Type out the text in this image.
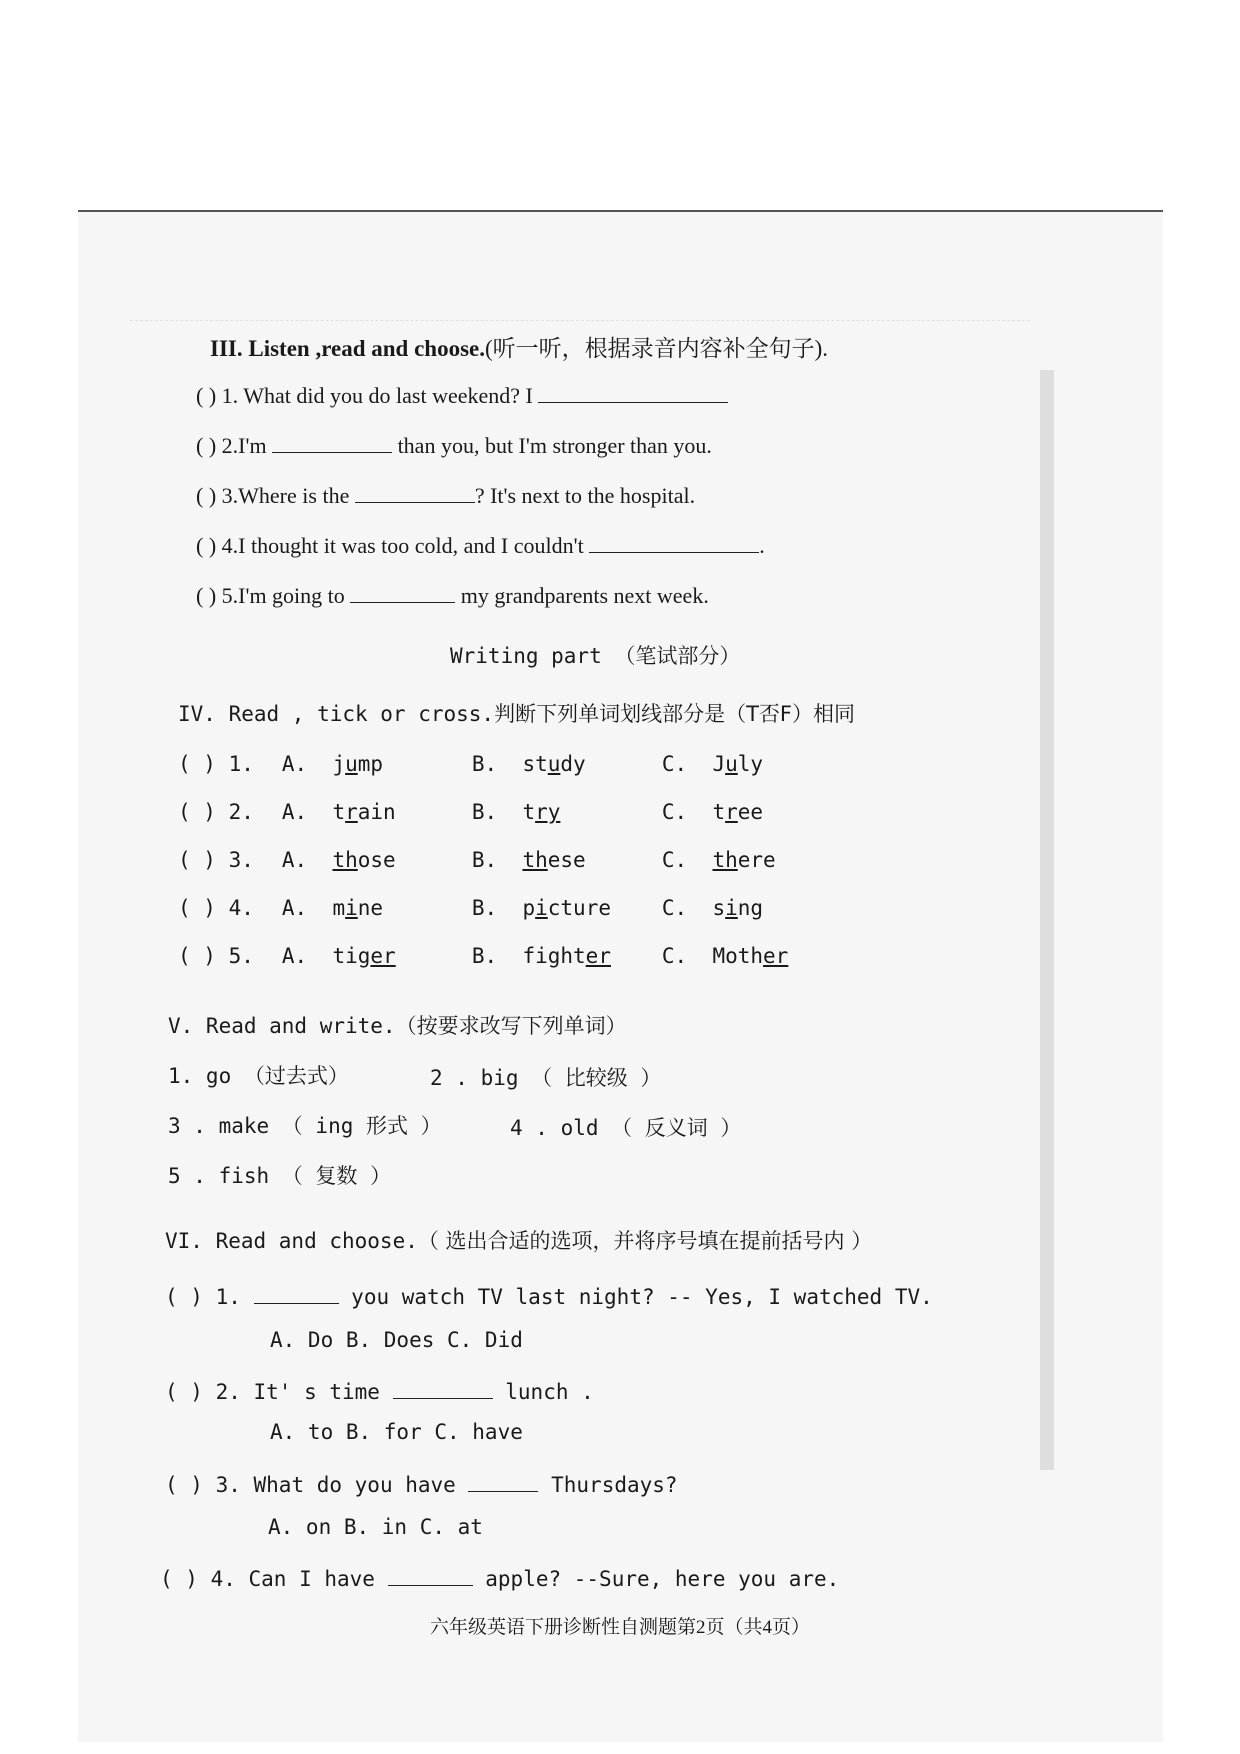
III. Listen ,read and choose.(听一听，根据录音内容补全句子).
( ) 1. What did you do last weekend? I
( ) 2.I'm	than you, but I'm stronger than you.
( ) 3.Where is the	? It's next to the hospital.
( ) 4.I thought it was too cold, and I couldn't	.
( ) 5.I'm going to	my grandparents next week.
Writing part （笔试部分）
IV. Read , tick or cross.判断下列单词划线部分是（T否F）相同
( ) 1. A. jump	B. study	C. July
( ) 2. A. train	B. try	C. tree
( ) 3. A. those	B. these	C. there
( ) 4. A. mine	B. picture C. sing
( ) 5. A. tiger	B. fighter C. Mother
V. Read and write.（按要求改写下列单词）
1. go （过去式）	2 . big （ 比较级 ）
3 . make （ ing 形式 ）	4 . old （ 反义词 ）
5 . fish （ 复数 ）
VI. Read and choose.（ 选出合适的选项，并将序号填在提前括号内 ）
( ) 1.	you watch TV last night? -- Yes, I watched TV.
A. Do B. Does C. Did
( ) 2. It' s time	lunch .
A. to B. for C. have
( ) 3. What do you have	Thursdays?
A. on B. in C. at
( ) 4. Can I have	apple? --Sure, here you are.
六年级英语下册诊断性自测题第2页（共4页）
